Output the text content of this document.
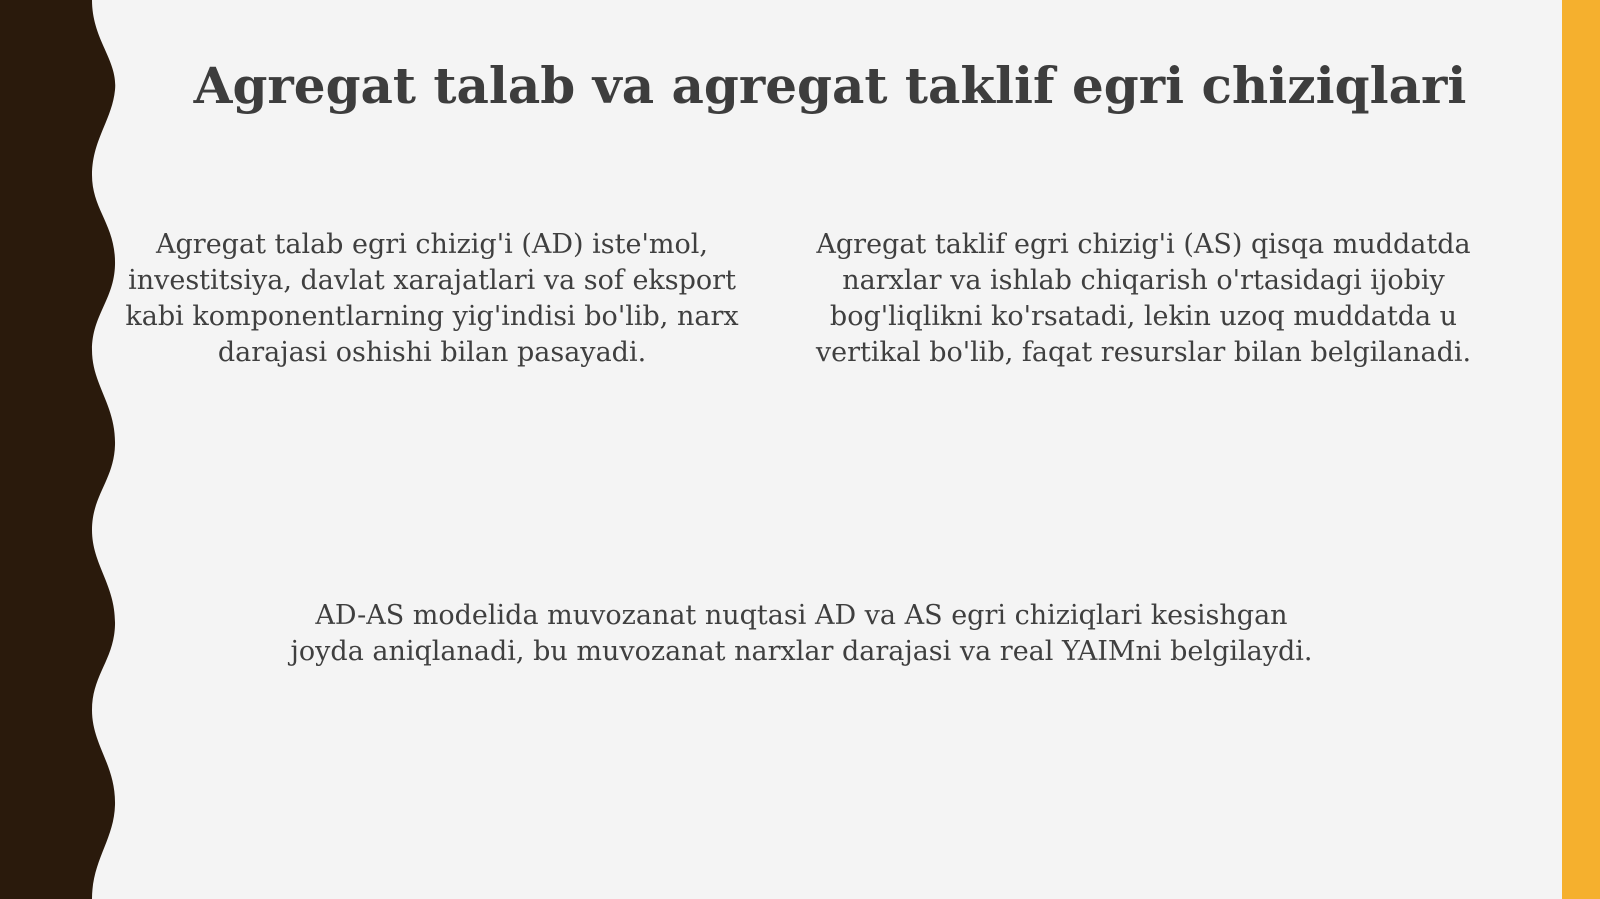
Agregat talab va agregat taklif egri chiziqlari

Agregat talab egri chizig'i (AD) iste'mol, investitsiya, davlat xarajatlari va sof eksport kabi komponentlarning yig'indisi bo'lib, narx darajasi oshishi bilan pasayadi.

Agregat taklif egri chizig'i (AS) qisqa muddatda narxlar va ishlab chiqarish o'rtasidagi ijobiy bog'liqlikni ko'rsatadi, lekin uzoq muddatda u vertikal bo'lib, faqat resurslar bilan belgilanadi.

AD-AS modelida muvozanat nuqtasi AD va AS egri chiziqlari kesishgan joyda aniqlanadi, bu muvozanat narxlar darajasi va real YAIMni belgilaydi.
